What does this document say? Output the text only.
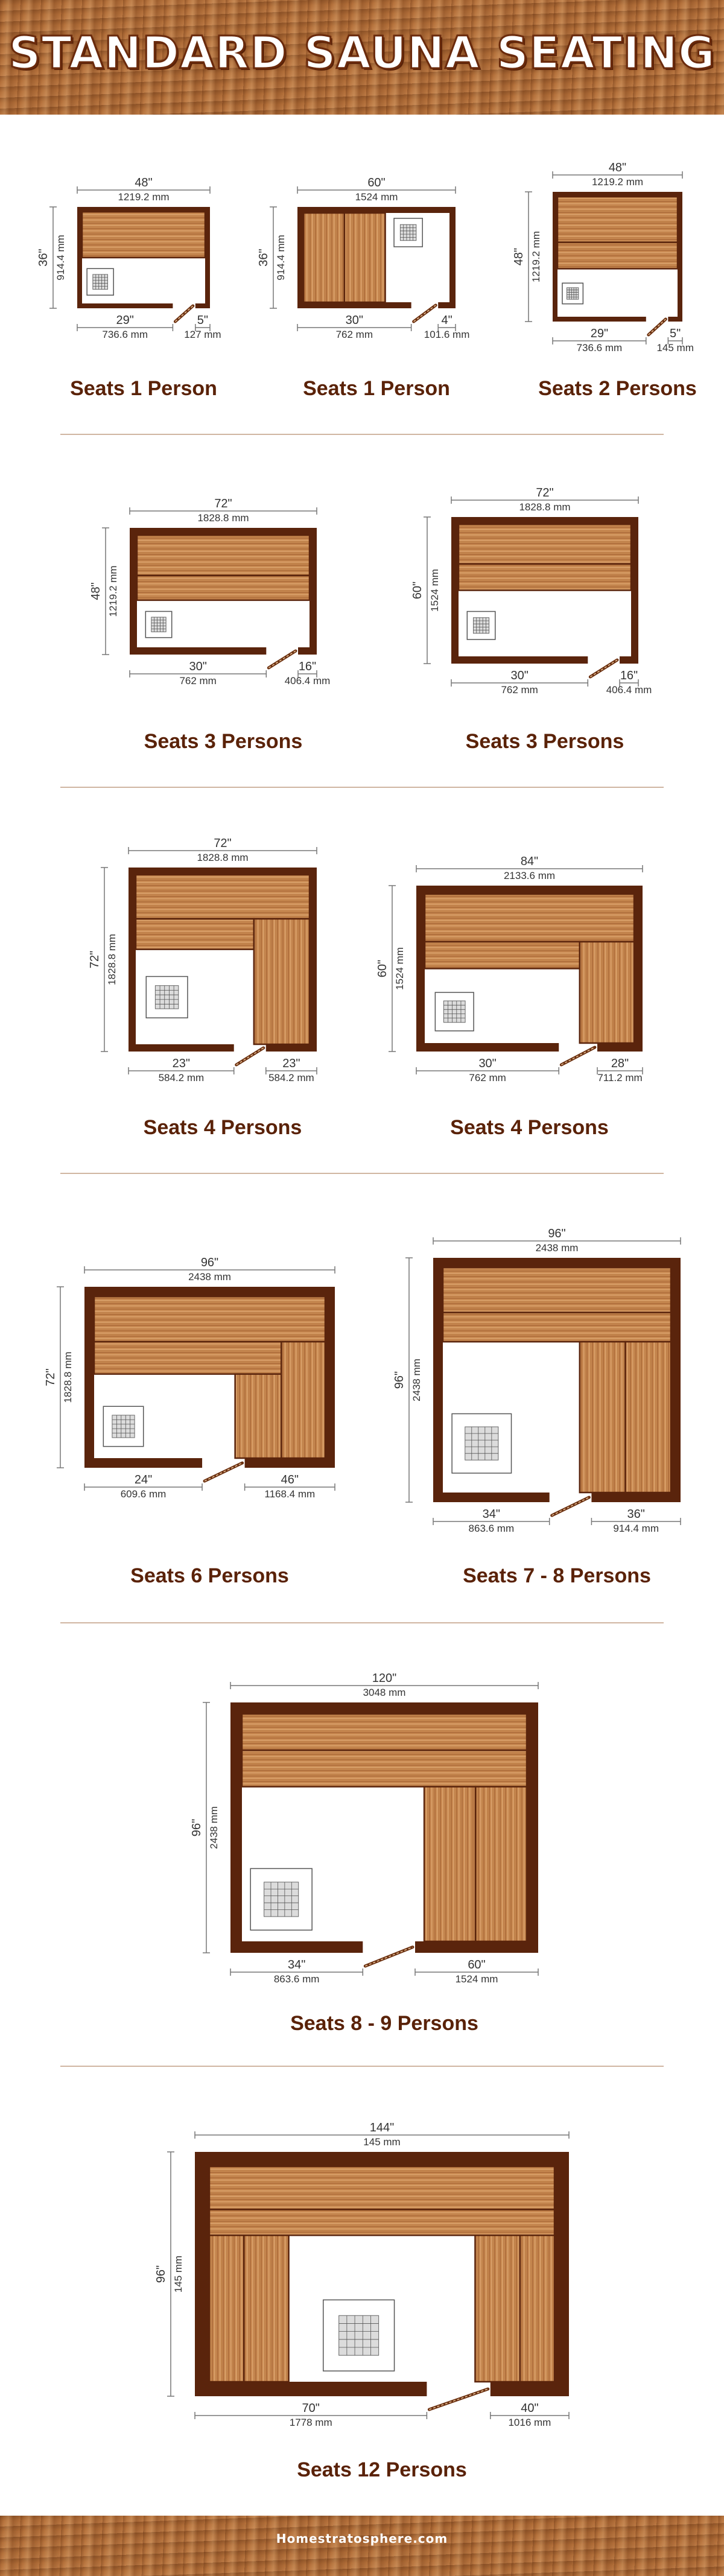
STANDARD SAUNA SEATING
48"
1219.2 mm
36" 914.4 mm
29"
736.6 mm
5"
127 mm
Seats 1 Person
60"
1524 mm
36" 914.4 mm
30"
762 mm
4"
101.6 mm
Seats 1 Person
48"
1219.2 mm
48" 1219.2 mm
29"
736.6 mm
5"
145 mm
Seats 2 Persons
72"
1828.8 mm
48" 1219.2 mm
30"
762 mm
16"
406.4 mm
Seats 3 Persons
72"
1828.8 mm
60" 1524 mm
30"
762 mm
16"
406.4 mm
Seats 3 Persons
72"
1828.8 mm
72" 1828.8 mm
23"
584.2 mm
23"
584.2 mm
Seats 4 Persons
84"
2133.6 mm
60" 1524 mm
30"
762 mm
28"
711.2 mm
Seats 4 Persons
96"
2438 mm
72" 1828.8 mm
24"
609.6 mm
46"
1168.4 mm
Seats 6 Persons
96"
2438 mm
96" 2438 mm
34"
863.6 mm
36"
914.4 mm
Seats 7 - 8 Persons
120"
3048 mm
96" 2438 mm
34"
863.6 mm
60"
1524 mm
Seats 8 - 9 Persons
144"
145 mm
96" 145 mm
70"
1778 mm
40"
1016 mm
Seats 12 Persons
Homestratosphere.com
